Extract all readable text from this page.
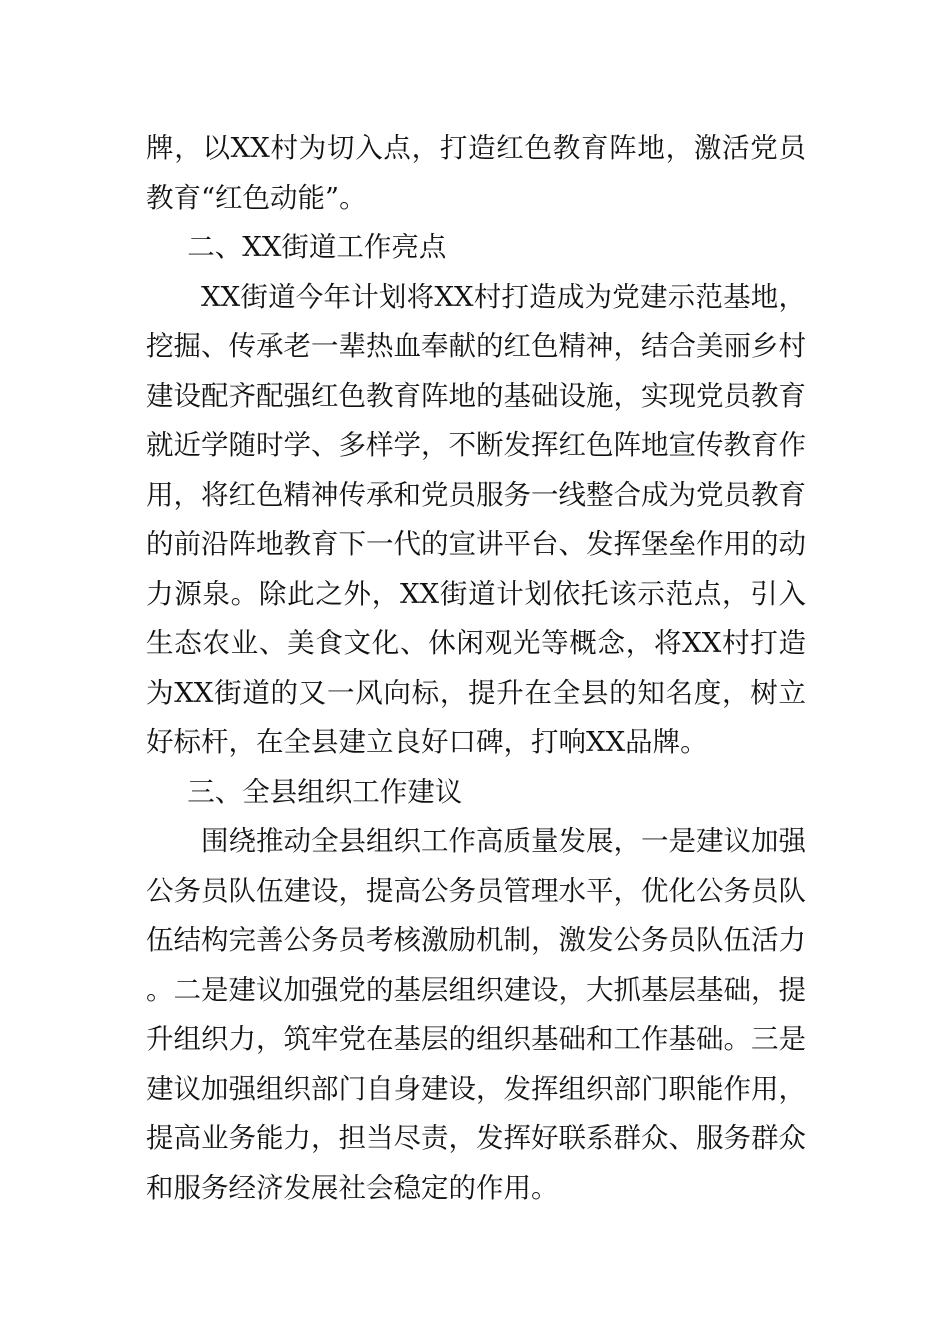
牌，以XX村为切入点，打造红色教育阵地，激活党员教育“红色动能”。

二、XX街道工作亮点

XX街道今年计划将XX村打造成为党建示范基地，挖掘、传承老一辈热血奉献的红色精神，结合美丽乡村建设配齐配强红色教育阵地的基础设施，实现党员教育就近学随时学、多样学，不断发挥红色阵地宣传教育作用，将红色精神传承和党员服务一线整合成为党员教育的前沿阵地教育下一代的宣讲平台、发挥堡垒作用的动力源泉。除此之外，XX街道计划依托该示范点，引入生态农业、美食文化、休闲观光等概念，将XX村打造为XX街道的又一风向标，提升在全县的知名度，树立好标杆，在全县建立良好口碑，打响XX品牌。

三、全县组织工作建议

围绕推动全县组织工作高质量发展，一是建议加强公务员队伍建设，提高公务员管理水平，优化公务员队伍结构完善公务员考核激励机制，激发公务员队伍活力。二是建议加强党的基层组织建设，大抓基层基础，提升组织力，筑牢党在基层的组织基础和工作基础。三是建议加强组织部门自身建设，发挥组织部门职能作用，提高业务能力，担当尽责，发挥好联系群众、服务群众和服务经济发展社会稳定的作用。
